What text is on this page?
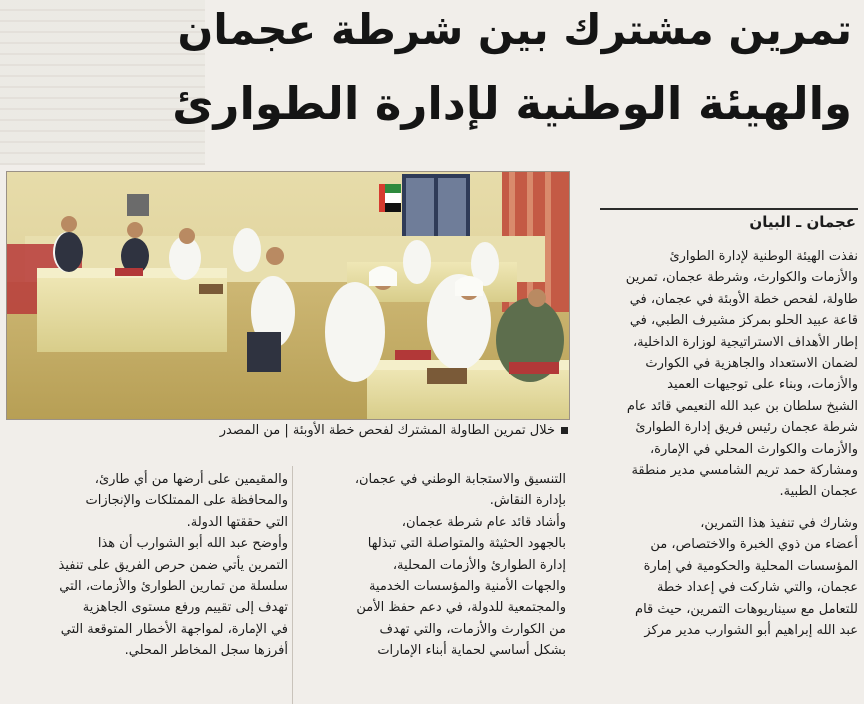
تمرين مشترك بين شرطة عجمان
والهيئة الوطنية لإدارة الطوارئ
خلال تمرين الطاولة المشترك لفحص خطة الأوبئة | من المصدر
عجمان ـ البيان

نفذت الهيئة الوطنية لإدارة الطوارئ

والأزمات والكوارث، وشرطة عجمان، تمرين

طاولة، لفحص خطة الأوبئة في عجمان، في

قاعة عبيد الحلو بمركز مشيرف الطبي، في

إطار الأهداف الاستراتيجية لوزارة الداخلية،

لضمان الاستعداد والجاهزية في الكوارث

والأزمات، وبناء على توجيهات العميد

الشيخ سلطان بن عبد الله النعيمي قائد عام

شرطة عجمان رئيس فريق إدارة الطوارئ

والأزمات والكوارث المحلي في الإمارة،

ومشاركة حمد تريم الشامسي مدير منطقة

عجمان الطبية.

وشارك في تنفيذ هذا التمرين،

أعضاء من ذوي الخبرة والاختصاص، من

المؤسسات المحلية والحكومية في إمارة

عجمان، والتي شاركت في إعداد خطة

للتعامل مع سيناريوهات التمرين، حيث قام

عبد الله إبراهيم أبو الشوارب مدير مركز

التنسيق والاستجابة الوطني في عجمان،

بإدارة النقاش.

وأشاد قائد عام شرطة عجمان،

بالجهود الحثيثة والمتواصلة التي تبذلها

إدارة الطوارئ والأزمات المحلية،

والجهات الأمنية والمؤسسات الخدمية

والمجتمعية للدولة، في دعم حفظ الأمن

من الكوارث والأزمات، والتي تهدف

بشكل أساسي لحماية أبناء الإمارات

والمقيمين على أرضها من أي طارئ،

والمحافظة على الممتلكات والإنجازات

التي حققتها الدولة.

وأوضح عبد الله أبو الشوارب أن هذا

التمرين يأتي ضمن حرص الفريق على تنفيذ

سلسلة من تمارين الطوارئ والأزمات، التي

تهدف إلى تقييم ورفع مستوى الجاهزية

في الإمارة، لمواجهة الأخطار المتوقعة التي

أفرزها سجل المخاطر المحلي.
